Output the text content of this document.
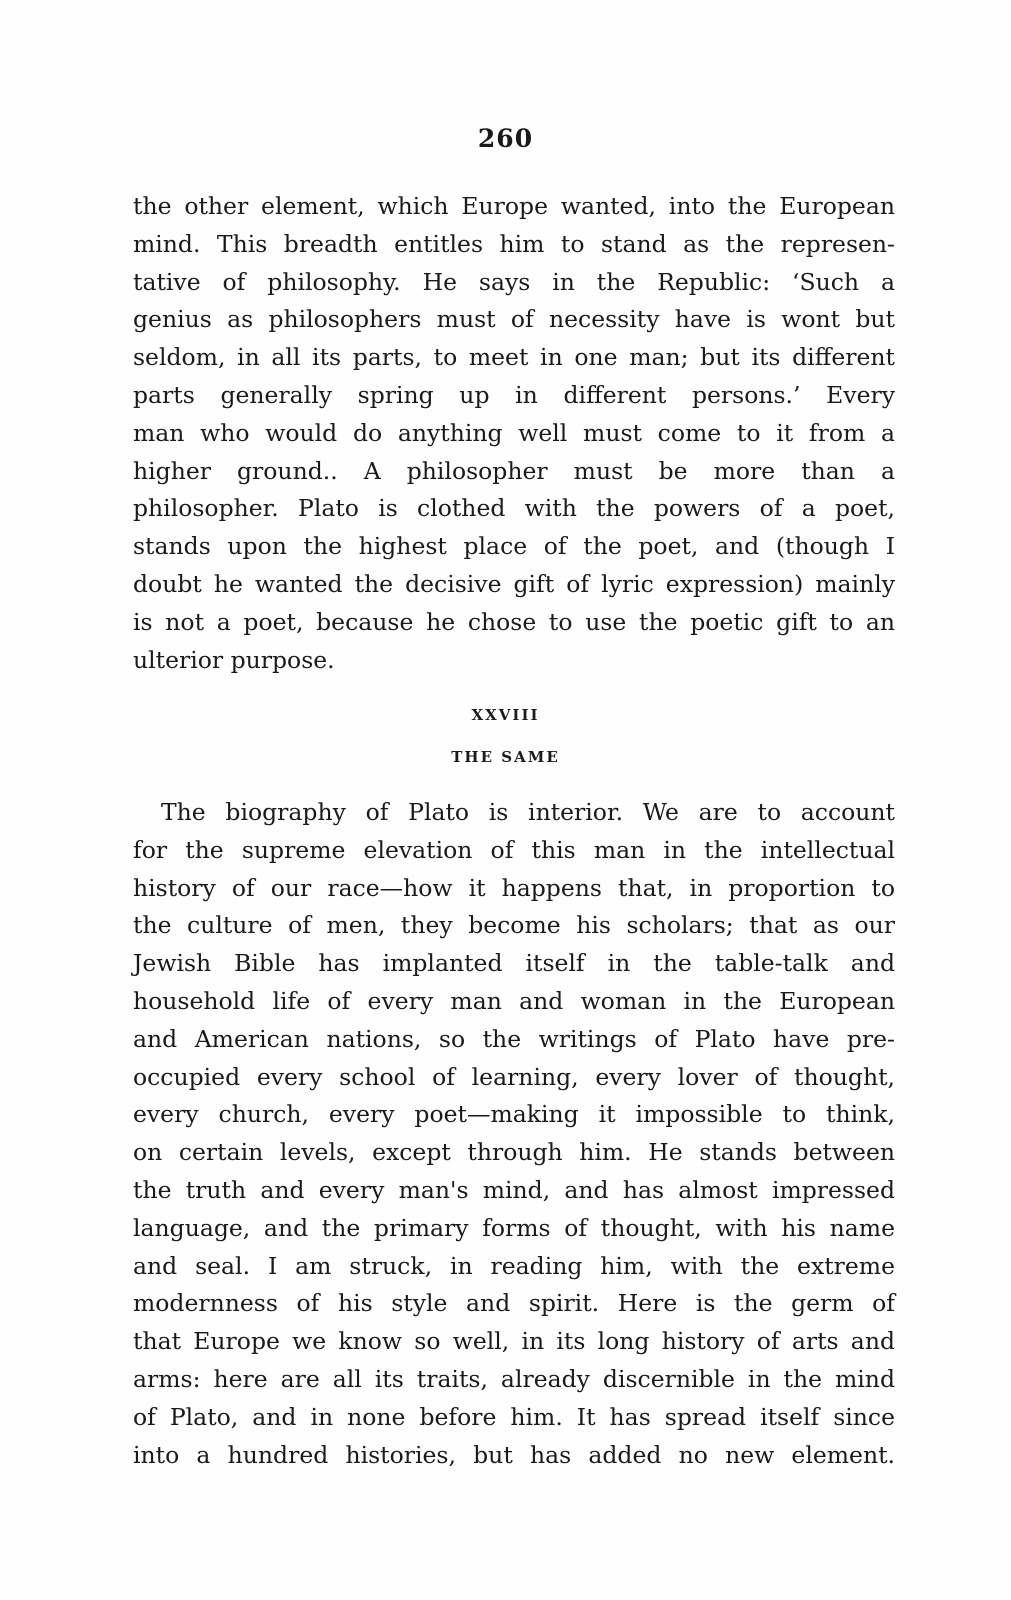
260
the other element, which Europe wanted, into the European
mind. This breadth entitles him to stand as the represen-
tative of philosophy. He says in the Republic: ‘Such a
genius as philosophers must of necessity have is wont but
seldom, in all its parts, to meet in one man; but its different
parts generally spring up in different persons.’ Every
man who would do anything well must come to it from a
higher ground.. A philosopher must be more than a
philosopher. Plato is clothed with the powers of a poet,
stands upon the highest place of the poet, and (though I
doubt he wanted the decisive gift of lyric expression) mainly
is not a poet, because he chose to use the poetic gift to an
ulterior purpose.
XXVIII
THE SAME
The biography of Plato is interior. We are to account
for the supreme elevation of this man in the intellectual
history of our race—how it happens that, in proportion to
the culture of men, they become his scholars; that as our
Jewish Bible has implanted itself in the table-talk and
household life of every man and woman in the European
and American nations, so the writings of Plato have pre-
occupied every school of learning, every lover of thought,
every church, every poet—making it impossible to think,
on certain levels, except through him. He stands between
the truth and every man's mind, and has almost impressed
language, and the primary forms of thought, with his name
and seal. I am struck, in reading him, with the extreme
modernness of his style and spirit. Here is the germ of
that Europe we know so well, in its long history of arts and
arms: here are all its traits, already discernible in the mind
of Plato, and in none before him. It has spread itself since
into a hundred histories, but has added no new element.
